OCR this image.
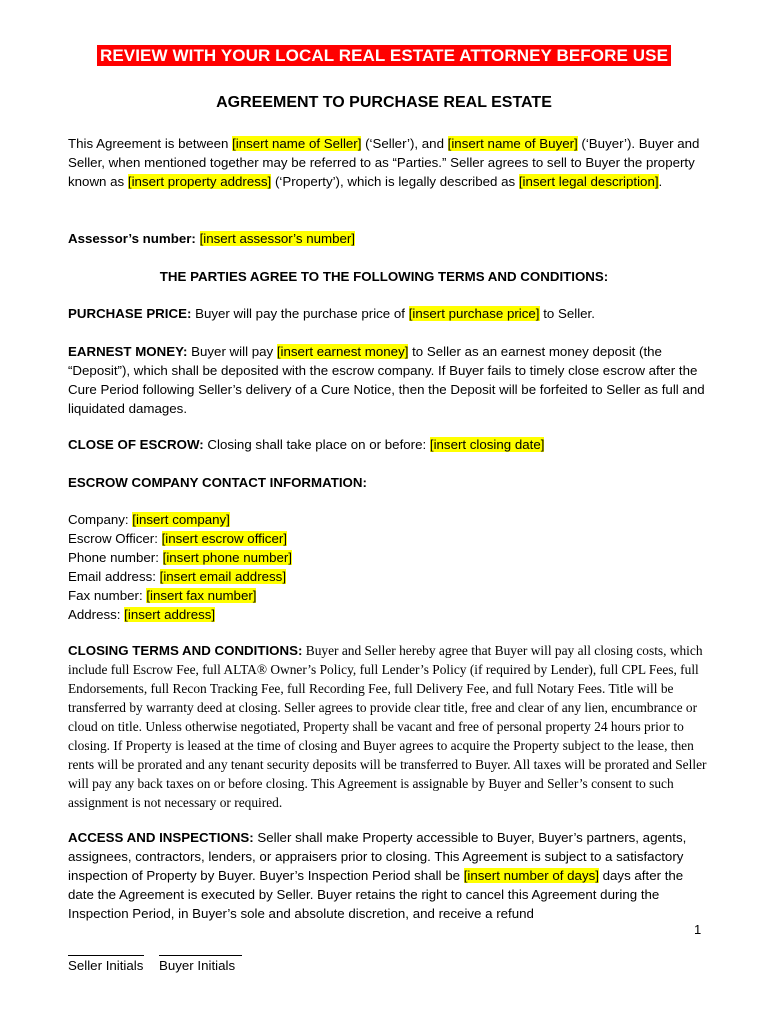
REVIEW WITH YOUR LOCAL REAL ESTATE ATTORNEY BEFORE USE
AGREEMENT TO PURCHASE REAL ESTATE
This Agreement is between [insert name of Seller] (‘Seller’), and [insert name of Buyer] (‘Buyer’). Buyer and Seller, when mentioned together may be referred to as “Parties.” Seller agrees to sell to Buyer the property known as [insert property address] (‘Property’), which is legally described as [insert legal description].
Assessor’s number: [insert assessor’s number]
THE PARTIES AGREE TO THE FOLLOWING TERMS AND CONDITIONS:
PURCHASE PRICE: Buyer will pay the purchase price of [insert purchase price] to Seller.
EARNEST MONEY: Buyer will pay [insert earnest money] to Seller as an earnest money deposit (the “Deposit”), which shall be deposited with the escrow company. If Buyer fails to timely close escrow after the Cure Period following Seller’s delivery of a Cure Notice, then the Deposit will be forfeited to Seller as full and liquidated damages.
CLOSE OF ESCROW: Closing shall take place on or before: [insert closing date]
ESCROW COMPANY CONTACT INFORMATION:
Company: [insert company]
Escrow Officer: [insert escrow officer]
Phone number: [insert phone number]
Email address: [insert email address]
Fax number: [insert fax number]
Address: [insert address]
CLOSING TERMS AND CONDITIONS: Buyer and Seller hereby agree that Buyer will pay all closing costs, which include full Escrow Fee, full ALTA® Owner’s Policy, full Lender’s Policy (if required by Lender), full CPL Fees, full Endorsements, full Recon Tracking Fee, full Recording Fee, full Delivery Fee, and full Notary Fees. Title will be transferred by warranty deed at closing. Seller agrees to provide clear title, free and clear of any lien, encumbrance or cloud on title. Unless otherwise negotiated, Property shall be vacant and free of personal property 24 hours prior to closing. If Property is leased at the time of closing and Buyer agrees to acquire the Property subject to the lease, then rents will be prorated and any tenant security deposits will be transferred to Buyer. All taxes will be prorated and Seller will pay any back taxes on or before closing. This Agreement is assignable by Buyer and Seller’s consent to such assignment is not necessary or required.
ACCESS AND INSPECTIONS: Seller shall make Property accessible to Buyer, Buyer’s partners, agents, assignees, contractors, lenders, or appraisers prior to closing. This Agreement is subject to a satisfactory inspection of Property by Buyer. Buyer’s Inspection Period shall be [insert number of days] days after the date the Agreement is executed by Seller. Buyer retains the right to cancel this Agreement during the Inspection Period, in Buyer’s sole and absolute discretion, and receive a refund
1
Seller Initials Buyer Initials
